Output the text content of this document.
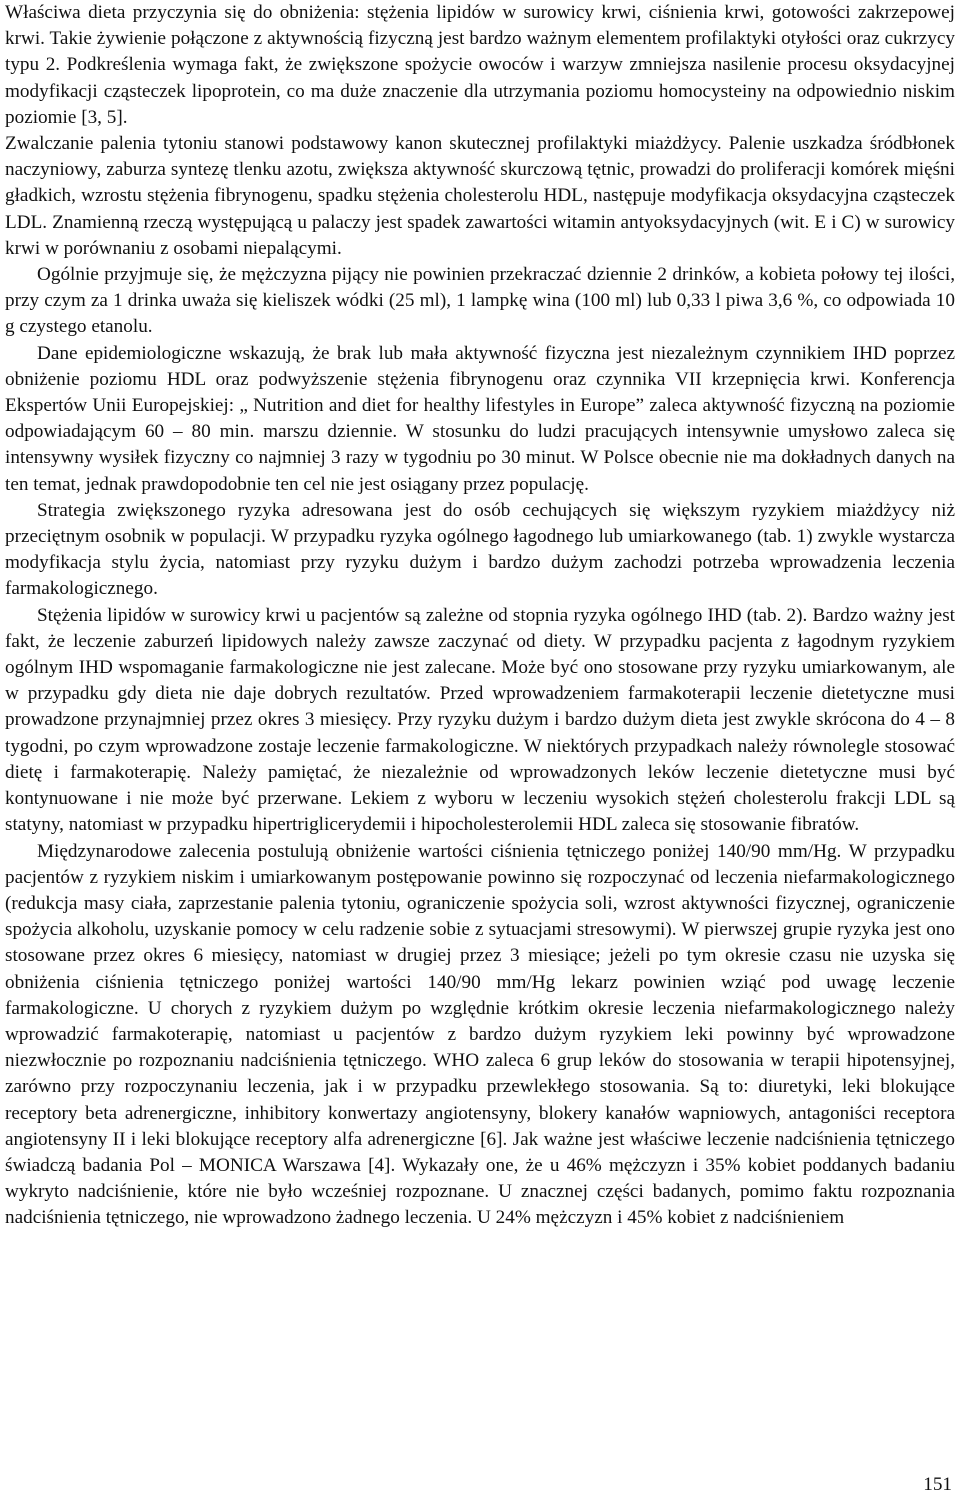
Właściwa dieta przyczynia się do obniżenia: stężenia lipidów w surowicy krwi, ciśnienia krwi, gotowości zakrzepowej krwi. Takie żywienie połączone z aktywnością fizyczną jest bardzo ważnym elementem profilaktyki otyłości oraz cukrzycy typu 2. Podkreślenia wymaga fakt, że zwiększone spożycie owoców i warzyw zmniejsza nasilenie procesu oksydacyjnej modyfikacji cząsteczek lipoprotein, co ma duże znaczenie dla utrzymania poziomu homocysteiny na odpowiednio niskim poziomie [3, 5].

Zwalczanie palenia tytoniu stanowi podstawowy kanon skutecznej profilaktyki miażdżycy. Palenie uszkadza śródbłonek naczyniowy, zaburza syntezę tlenku azotu, zwiększa aktywność skurczową tętnic, prowadzi do proliferacji komórek mięśni gładkich, wzrostu stężenia fibrynogenu, spadku stężenia cholesterolu HDL, następuje modyfikacja oksydacyjna cząsteczek LDL. Znamienną rzeczą występującą u palaczy jest spadek zawartości witamin antyoksydacyjnych (wit. E i C) w surowicy krwi w porównaniu z osobami niepalącymi.

Ogólnie przyjmuje się, że mężczyzna pijący nie powinien przekraczać dziennie 2 drinków, a kobieta połowy tej ilości, przy czym za 1 drinka uważa się kieliszek wódki (25 ml), 1 lampkę wina (100 ml) lub 0,33 l piwa 3,6 %, co odpowiada 10 g czystego etanolu.

Dane epidemiologiczne wskazują, że brak lub mała aktywność fizyczna jest niezależnym czynnikiem IHD poprzez obniżenie poziomu HDL oraz podwyższenie stężenia fibrynogenu oraz czynnika VII krzepnięcia krwi. Konferencja Ekspertów Unii Europejskiej: „ Nutrition and diet for healthy lifestyles in Europe” zaleca aktywność fizyczną na poziomie odpowiadającym 60 – 80 min. marszu dziennie. W stosunku do ludzi pracujących intensywnie umysłowo zaleca się intensywny wysiłek fizyczny co najmniej 3 razy w tygodniu po 30 minut. W Polsce obecnie nie ma dokładnych danych na ten temat, jednak prawdopodobnie ten cel nie jest osiągany przez populację.

Strategia zwiększonego ryzyka adresowana jest do osób cechujących się większym ryzykiem miażdżycy niż przeciętnym osobnik w populacji. W przypadku ryzyka ogólnego łagodnego lub umiarkowanego (tab. 1) zwykle wystarcza modyfikacja stylu życia, natomiast przy ryzyku dużym i bardzo dużym zachodzi potrzeba wprowadzenia leczenia farmakologicznego.

Stężenia lipidów w surowicy krwi u pacjentów są zależne od stopnia ryzyka ogólnego IHD (tab. 2). Bardzo ważny jest fakt, że leczenie zaburzeń lipidowych należy zawsze zaczynać od diety. W przypadku pacjenta z łagodnym ryzykiem ogólnym IHD wspomaganie farmakologiczne nie jest zalecane. Może być ono stosowane przy ryzyku umiarkowanym, ale w przypadku gdy dieta nie daje dobrych rezultatów. Przed wprowadzeniem farmakoterapii leczenie dietetyczne musi prowadzone przynajmniej przez okres 3 miesięcy. Przy ryzyku dużym i bardzo dużym dieta jest zwykle skrócona do 4 – 8 tygodni, po czym wprowadzone zostaje leczenie farmakologiczne. W niektórych przypadkach należy równolegle stosować dietę i farmakoterapię. Należy pamiętać, że niezależnie od wprowadzonych leków leczenie dietetyczne musi być kontynuowane i nie może być przerwane. Lekiem z wyboru w leczeniu wysokich stężeń cholesterolu frakcji LDL są statyny, natomiast w przypadku hipertriglicerydemii i hipocholesterolemii HDL zaleca się stosowanie fibratów.

Międzynarodowe zalecenia postulują obniżenie wartości ciśnienia tętniczego poniżej 140/90 mm/Hg. W przypadku pacjentów z ryzykiem niskim i umiarkowanym postępowanie powinno się rozpoczynać od leczenia niefarmakologicznego (redukcja masy ciała, zaprzestanie palenia tytoniu, ograniczenie spożycia soli, wzrost aktywności fizycznej, ograniczenie spożycia alkoholu, uzyskanie pomocy w celu radzenie sobie z sytuacjami stresowymi). W pierwszej grupie ryzyka jest ono stosowane przez okres 6 miesięcy, natomiast w drugiej przez 3 miesiące; jeżeli po tym okresie czasu nie uzyska się obniżenia ciśnienia tętniczego poniżej wartości 140/90 mm/Hg lekarz powinien wziąć pod uwagę leczenie farmakologiczne. U chorych z ryzykiem dużym po względnie krótkim okresie leczenia niefarmakologicznego należy wprowadzić farmakoterapię, natomiast u pacjentów z bardzo dużym ryzykiem leki powinny być wprowadzone niezwłocznie po rozpoznaniu nadciśnienia tętniczego. WHO zaleca 6 grup leków do stosowania w terapii hipotensyjnej, zarówno przy rozpoczynaniu leczenia, jak i w przypadku przewlekłego stosowania. Są to: diuretyki, leki blokujące receptory beta adrenergiczne, inhibitory konwertazy angiotensyny, blokery kanałów wapniowych, antagoniści receptora angiotensyny II i leki blokujące receptory alfa adrenergiczne [6]. Jak ważne jest właściwe leczenie nadciśnienia tętniczego świadczą badania Pol – MONICA Warszawa [4]. Wykazały one, że u 46% mężczyzn i 35% kobiet poddanych badaniu wykryto nadciśnienie, które nie było wcześniej rozpoznane. U znacznej części badanych, pomimo faktu rozpoznania nadciśnienia tętniczego, nie wprowadzono żadnego leczenia. U 24% mężczyzn i 45% kobiet z nadciśnieniem

151
